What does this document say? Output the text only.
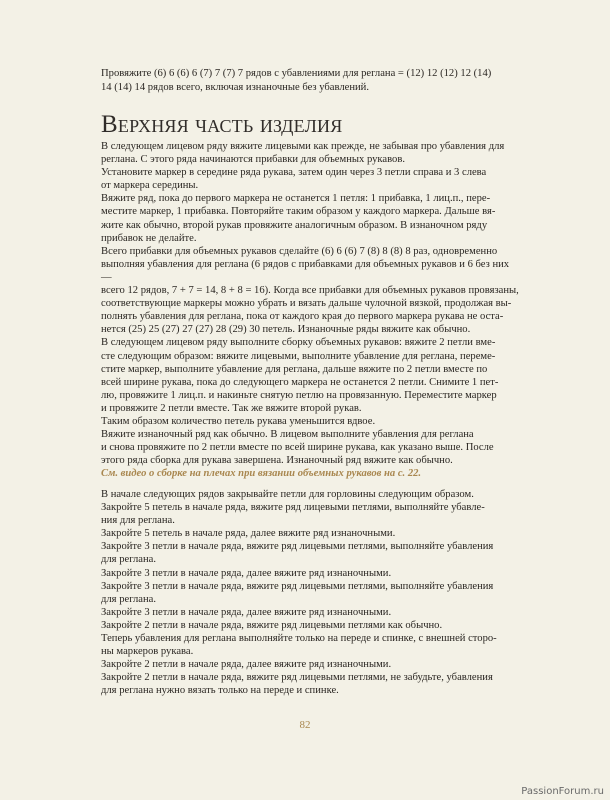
Провяжите (6) 6 (6) 6 (7) 7 (7) 7 рядов с убавлениями для реглана = (12) 12 (12) 12 (14)

14 (14) 14 рядов всего, включая изнаночные без убавлений.

Верхняя часть изделия

В следующем лицевом ряду вяжите лицевыми как прежде, не забывая про убавления для

реглана. С этого ряда начинаются прибавки для объемных рукавов.

Установите маркер в середине ряда рукава, затем один через 3 петли справа и 3 слева

от маркера середины.

Вяжите ряд, пока до первого маркера не останется 1 петля: 1 прибавка, 1 лиц.п., пере-

местите маркер, 1 прибавка. Повторяйте таким образом у каждого маркера. Дальше вя-

жите как обычно, второй рукав провяжите аналогичным образом. В изнаночном ряду

прибавок не делайте.

Всего прибавки для объемных рукавов сделайте (6) 6 (6) 7 (8) 8 (8) 8 раз, одновременно

выполняя убавления для реглана (6 рядов с прибавками для объемных рукавов и 6 без них —

всего 12 рядов, 7 + 7 = 14, 8 + 8 = 16). Когда все прибавки для объемных рукавов провязаны,

соответствующие маркеры можно убрать и вязать дальше чулочной вязкой, продолжая вы-

полнять убавления для реглана, пока от каждого края до первого маркера рукава не оста-

нется (25) 25 (27) 27 (27) 28 (29) 30 петель. Изнаночные ряды вяжите как обычно.

В следующем лицевом ряду выполните сборку объемных рукавов: вяжите 2 петли вме-

сте следующим образом: вяжите лицевыми, выполните убавление для реглана, переме-

стите маркер, выполните убавление для реглана, дальше вяжите по 2 петли вместе по

всей ширине рукава, пока до следующего маркера не останется 2 петли. Снимите 1 пет-

лю, провяжите 1 лиц.п. и накиньте снятую петлю на провязанную. Переместите маркер

и провяжите 2 петли вместе. Так же вяжите второй рукав.

Таким образом количество петель рукава уменьшится вдвое.

Вяжите изнаночный ряд как обычно. В лицевом выполните убавления для реглана

и снова провяжите по 2 петли вместе по всей ширине рукава, как указано выше. После

этого ряда сборка для рукава завершена. Изнаночный ряд вяжите как обычно.

См. видео о сборке на плечах при вязании объемных рукавов на с. 22.

В начале следующих рядов закрывайте петли для горловины следующим образом.

Закройте 5 петель в начале ряда, вяжите ряд лицевыми петлями, выполняйте убавле-

ния для реглана.

Закройте 5 петель в начале ряда, далее вяжите ряд изнаночными.

Закройте 3 петли в начале ряда, вяжите ряд лицевыми петлями, выполняйте убавления

для реглана.

Закройте 3 петли в начале ряда, далее вяжите ряд изнаночными.

Закройте 3 петли в начале ряда, вяжите ряд лицевыми петлями, выполняйте убавления

для реглана.

Закройте 3 петли в начале ряда, далее вяжите ряд изнаночными.

Закройте 2 петли в начале ряда, вяжите ряд лицевыми петлями как обычно.

Теперь убавления для реглана выполняйте только на переде и спинке, с внешней сторо-

ны маркеров рукава.

Закройте 2 петли в начале ряда, далее вяжите ряд изнаночными.

Закройте 2 петли в начале ряда, вяжите ряд лицевыми петлями, не забудьте, убавления

для реглана нужно вязать только на переде и спинке.

82
PassionForum.ru
